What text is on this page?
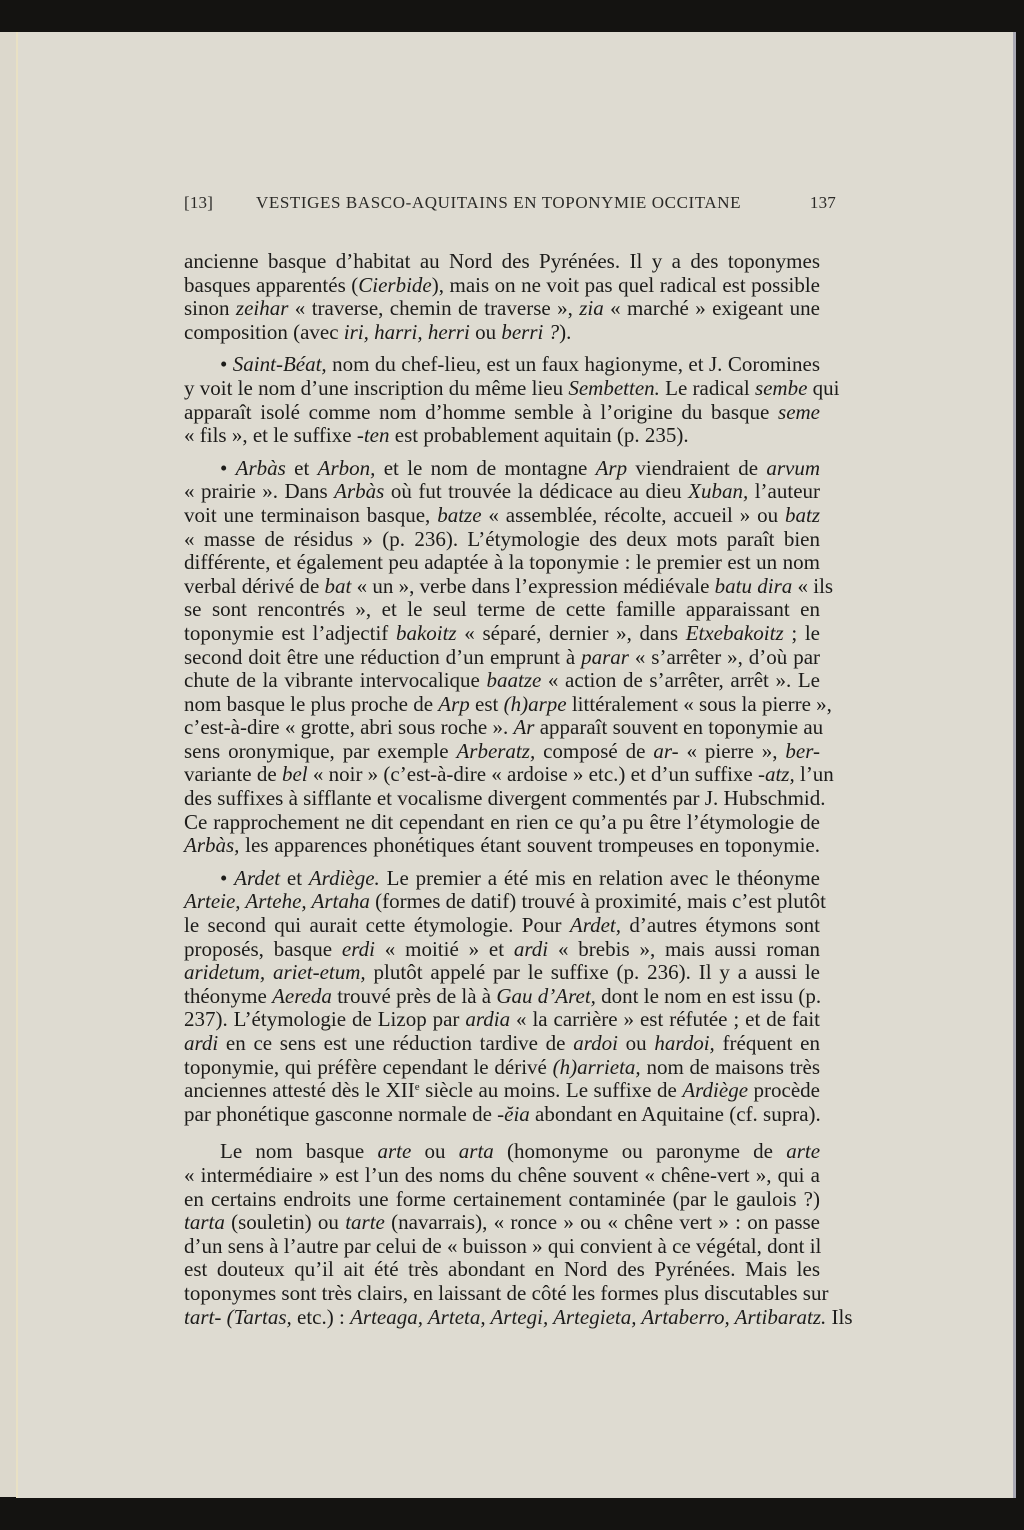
[13]	VESTIGES BASCO-AQUITAINS EN TOPONYMIE OCCITANE	137

ancienne basque d’habitat au Nord des Pyrénées. Il y a des toponymes
basques apparentés (Cierbide), mais on ne voit pas quel radical est possible
sinon zeihar « traverse, chemin de traverse », zia « marché » exigeant une
composition (avec iri, harri, herri ou berri ?).

• Saint-Béat, nom du chef-lieu, est un faux hagionyme, et J. Coromines
y voit le nom d’une inscription du même lieu Sembetten. Le radical sembe qui
apparaît isolé comme nom d’homme semble à l’origine du basque seme
« fils », et le suffixe -ten est probablement aquitain (p. 235).

• Arbàs et Arbon, et le nom de montagne Arp viendraient de arvum
« prairie ». Dans Arbàs où fut trouvée la dédicace au dieu Xuban, l’auteur
voit une terminaison basque, batze « assemblée, récolte, accueil » ou batz
« masse de résidus » (p. 236). L’étymologie des deux mots paraît bien
différente, et également peu adaptée à la toponymie : le premier est un nom
verbal dérivé de bat « un », verbe dans l’expression médiévale batu dira « ils
se sont rencontrés », et le seul terme de cette famille apparaissant en
toponymie est l’adjectif bakoitz « séparé, dernier », dans Etxebakoitz ; le
second doit être une réduction d’un emprunt à parar « s’arrêter », d’où par
chute de la vibrante intervocalique baatze « action de s’arrêter, arrêt ». Le
nom basque le plus proche de Arp est (h)arpe littéralement « sous la pierre »,
c’est-à-dire « grotte, abri sous roche ». Ar apparaît souvent en toponymie au
sens oronymique, par exemple Arberatz, composé de ar- « pierre », ber-
variante de bel « noir » (c’est-à-dire « ardoise » etc.) et d’un suffixe -atz, l’un
des suffixes à sifflante et vocalisme divergent commentés par J. Hubschmid.
Ce rapprochement ne dit cependant en rien ce qu’a pu être l’étymologie de
Arbàs, les apparences phonétiques étant souvent trompeuses en toponymie.

• Ardet et Ardiège. Le premier a été mis en relation avec le théonyme
Arteie, Artehe, Artaha (formes de datif) trouvé à proximité, mais c’est plutôt
le second qui aurait cette étymologie. Pour Ardet, d’autres étymons sont
proposés, basque erdi « moitié » et ardi « brebis », mais aussi roman
aridetum, ariet-etum, plutôt appelé par le suffixe (p. 236). Il y a aussi le
théonyme Aereda trouvé près de là à Gau d’Aret, dont le nom en est issu (p.
237). L’étymologie de Lizop par ardia « la carrière » est réfutée ; et de fait
ardi en ce sens est une réduction tardive de ardoi ou hardoi, fréquent en
toponymie, qui préfère cependant le dérivé (h)arrieta, nom de maisons très
anciennes attesté dès le XIIe siècle au moins. Le suffixe de Ardiège procède
par phonétique gasconne normale de -ĕia abondant en Aquitaine (cf. supra).

Le nom basque arte ou arta (homonyme ou paronyme de arte
« intermédiaire » est l’un des noms du chêne souvent « chêne-vert », qui a
en certains endroits une forme certainement contaminée (par le gaulois ?)
tarta (souletin) ou tarte (navarrais), « ronce » ou « chêne vert » : on passe
d’un sens à l’autre par celui de « buisson » qui convient à ce végétal, dont il
est douteux qu’il ait été très abondant en Nord des Pyrénées. Mais les
toponymes sont très clairs, en laissant de côté les formes plus discutables sur
tart- (Tartas, etc.) : Arteaga, Arteta, Artegi, Artegieta, Artaberro, Artibaratz. Ils
